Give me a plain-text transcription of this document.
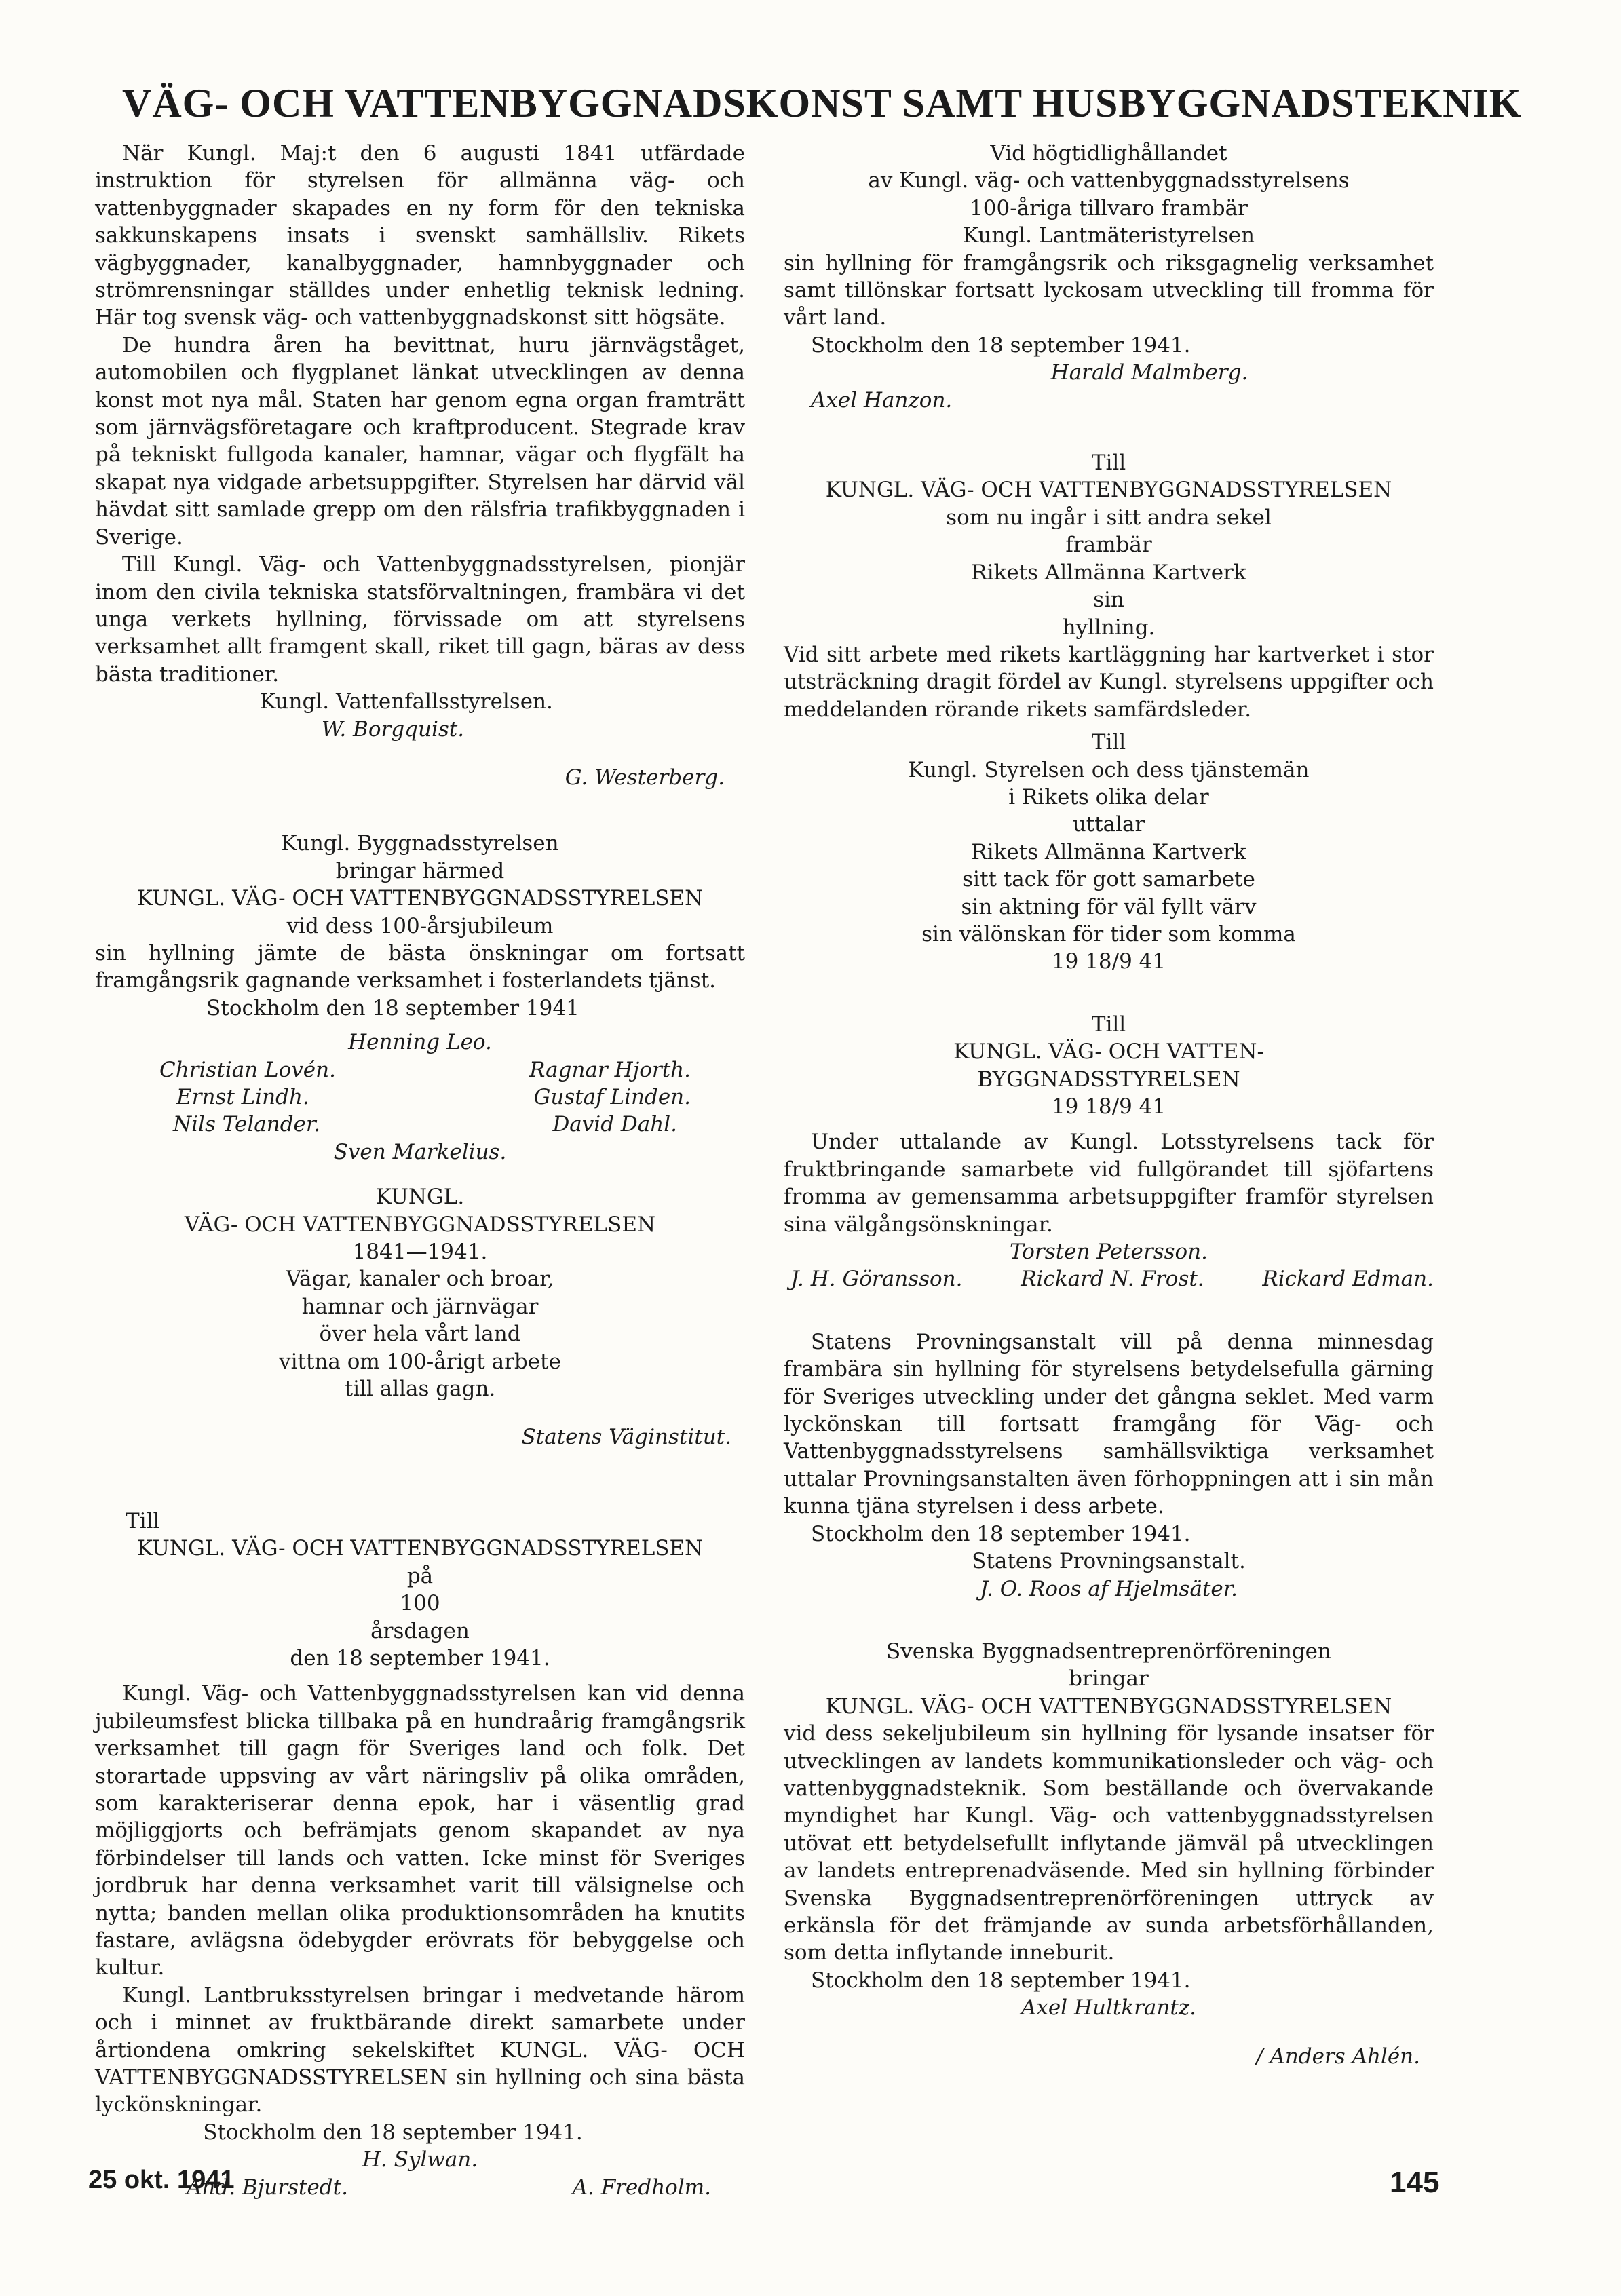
VÄG- OCH VATTENBYGGNADSKONST SAMT HUSBYGGNADSTEKNIK

När Kungl. Maj:t den 6 augusti 1841 utfärdade instruktion för styrelsen för allmänna väg- och vattenbyggnader skapades en ny form för den tekniska sakkunskapens insats i svenskt samhällsliv. Rikets vägbyggnader, kanalbyggnader, hamnbyggnader och strömrensningar ställdes under enhetlig teknisk ledning. Här tog svensk väg- och vattenbyggnadskonst sitt högsäte.

De hundra åren ha bevittnat, huru järnvägståget, automobilen och flygplanet länkat utvecklingen av denna konst mot nya mål. Staten har genom egna organ framträtt som järnvägsföretagare och kraftproducent. Stegrade krav på tekniskt fullgoda kanaler, hamnar, vägar och flygfält ha skapat nya vidgade arbetsuppgifter. Styrelsen har därvid väl hävdat sitt samlade grepp om den rälsfria trafikbyggnaden i Sverige.

Till Kungl. Väg- och Vattenbyggnadsstyrelsen, pionjär inom den civila tekniska statsförvaltningen, frambära vi det unga verkets hyllning, förvissade om att styrelsens verksamhet allt framgent skall, riket till gagn, bäras av dess bästa traditioner.

Kungl. Vattenfallsstyrelsen.

W. Borgquist.

G. Westerberg.

Kungl. Byggnadsstyrelsen

bringar härmed

KUNGL. VÄG- OCH VATTENBYGGNADSSTYRELSEN

vid dess 100-årsjubileum

sin hyllning jämte de bästa önskningar om fortsatt framgångsrik gagnande verksamhet i fosterlandets tjänst.

Stockholm den 18 september 1941

Henning Leo.

Christian Lovén.	Ragnar Hjorth.
Ernst Lindh.	Gustaf Linden.
Nils Telander.	David Dahl.

Sven Markelius.

KUNGL.

VÄG- OCH VATTENBYGGNADSSTYRELSEN

1841—1941.

Vägar, kanaler och broar,

hamnar och järnvägar

över hela vårt land

vittna om 100-årigt arbete

till allas gagn.

Statens Väginstitut.

Till

KUNGL. VÄG- OCH VATTENBYGGNADSSTYRELSEN

på

100

årsdagen

den 18 september 1941.

Kungl. Väg- och Vattenbyggnadsstyrelsen kan vid denna jubileumsfest blicka tillbaka på en hundraårig framgångsrik verksamhet till gagn för Sveriges land och folk. Det storartade uppsving av vårt näringsliv på olika områden, som karakteriserar denna epok, har i väsentlig grad möjliggjorts och befrämjats genom skapandet av nya förbindelser till lands och vatten. Icke minst för Sveriges jordbruk har denna verksamhet varit till välsignelse och nytta; banden mellan olika produktionsområden ha knutits fastare, avlägsna ödebygder erövrats för bebyggelse och kultur.

Kungl. Lantbruksstyrelsen bringar i medvetande härom och i minnet av fruktbärande direkt samarbete under årtiondena omkring sekelskiftet KUNGL. VÄG- OCH VATTENBYGGNADSSTYRELSEN sin hyllning och sina bästa lyckönskningar.

Stockholm den 18 september 1941.

H. Sylwan.

And. Bjurstedt.	A. Fredholm.

Vid högtidlighållandet

av Kungl. väg- och vattenbyggnadsstyrelsens

100-åriga tillvaro frambär

Kungl. Lantmäteristyrelsen

sin hyllning för framgångsrik och riksgagnelig verksamhet samt tillönskar fortsatt lyckosam utveckling till fromma för vårt land.

Stockholm den 18 september 1941.

Harald Malmberg.

Axel Hanzon.

Till

KUNGL. VÄG- OCH VATTENBYGGNADSSTYRELSEN

som nu ingår i sitt andra sekel

frambär

Rikets Allmänna Kartverk

sin

hyllning.

Vid sitt arbete med rikets kartläggning har kartverket i stor utsträckning dragit fördel av Kungl. styrelsens uppgifter och meddelanden rörande rikets samfärdsleder.

Till

Kungl. Styrelsen och dess tjänstemän

i Rikets olika delar

uttalar

Rikets Allmänna Kartverk

sitt tack för gott samarbete

sin aktning för väl fyllt värv

sin välönskan för tider som komma

19 18/9 41

Till

KUNGL. VÄG- OCH VATTEN-

BYGGNADSSTYRELSEN

19 18/9 41

Under uttalande av Kungl. Lotsstyrelsens tack för fruktbringande samarbete vid fullgörandet till sjöfartens fromma av gemensamma arbetsuppgifter framför styrelsen sina välgångsönskningar.

Torsten Petersson.

J. H. Göransson.	Rickard N. Frost.	Rickard Edman.

Statens Provningsanstalt vill på denna minnesdag frambära sin hyllning för styrelsens betydelsefulla gärning för Sveriges utveckling under det gångna seklet. Med varm lyckönskan till fortsatt framgång för Väg- och Vattenbyggnadsstyrelsens samhällsviktiga verksamhet uttalar Provningsanstalten även förhoppningen att i sin mån kunna tjäna styrelsen i dess arbete.

Stockholm den 18 september 1941.

Statens Provningsanstalt.

J. O. Roos af Hjelmsäter.

Svenska Byggnadsentreprenörföreningen

bringar

KUNGL. VÄG- OCH VATTENBYGGNADSSTYRELSEN

vid dess sekeljubileum sin hyllning för lysande insatser för utvecklingen av landets kommunikationsleder och väg- och vattenbyggnadsteknik. Som beställande och övervakande myndighet har Kungl. Väg- och vattenbyggnadsstyrelsen utövat ett betydelsefullt inflytande jämväl på utvecklingen av landets entreprenadväsende. Med sin hyllning förbinder Svenska Byggnadsentreprenörföreningen uttryck av erkänsla för det främjande av sunda arbetsförhållanden, som detta inflytande inneburit.

Stockholm den 18 september 1941.

Axel Hultkrantz.

/ Anders Ahlén.

25 okt. 1941	145
